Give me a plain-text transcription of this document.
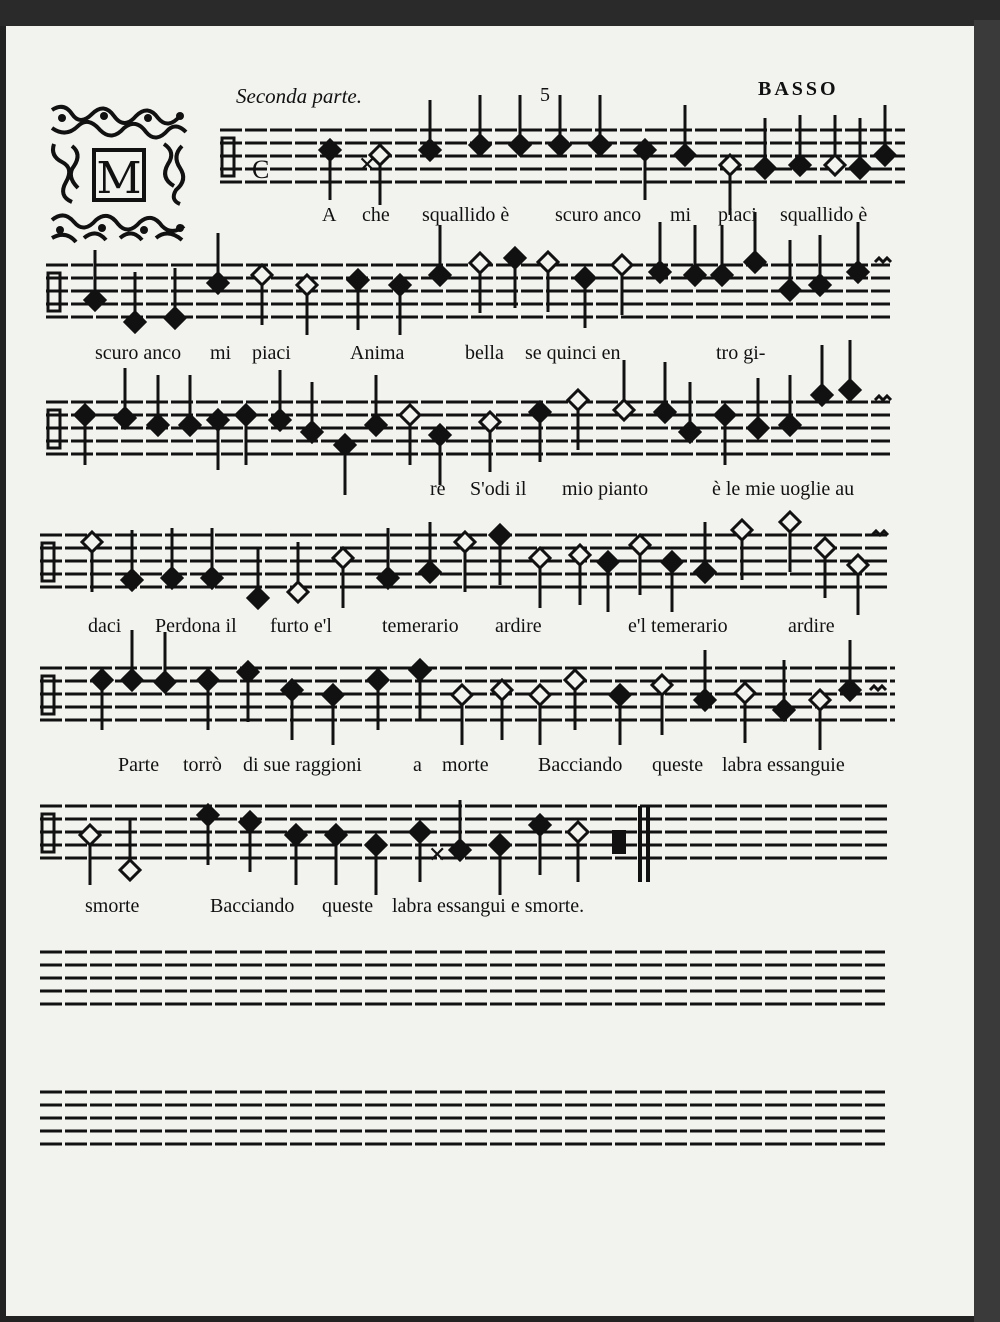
Seconda parte.	5	BASSO
M	C	✕
✕
A che squallido è scuro anco mi piaci squallido è
scuro anco mi piaci	Anima	bella se quinci en	tro gi-
re S'odi il mio pianto	è le mie uoglie au
daci Perdona il furto e'l	temerario ardire	e'l temerario	ardire
Parte torrò di sue raggioni	a morte Bacciando queste labra essanguie
smorte	Bacciando queste labra essangui e smorte.
